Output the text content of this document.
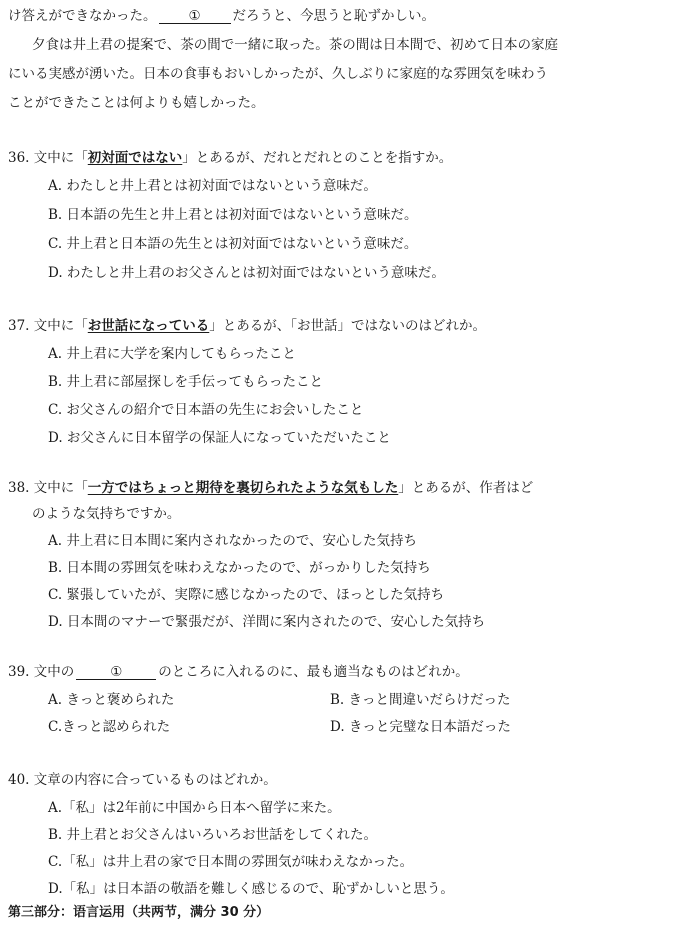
け答えができなかった。 ① だろうと、今思うと恥ずかしい。
夕食は井上君の提案で、茶の間で一緒に取った。茶の間は日本間で、初めて日本の家庭
にいる実感が湧いた。日本の食事もおいしかったが、久しぶりに家庭的な雰囲気を味わう
ことができたことは何よりも嬉しかった。
36. 文中に「初対面ではない」とあるが、だれとだれとのことを指すか。
A. わたしと井上君とは初対面ではないという意味だ。
B. 日本語の先生と井上君とは初対面ではないという意味だ。
C. 井上君と日本語の先生とは初対面ではないという意味だ。
D. わたしと井上君のお父さんとは初対面ではないという意味だ。
37. 文中に「お世話になっている」とあるが、「お世話」ではないのはどれか。
A. 井上君に大学を案内してもらったこと
B. 井上君に部屋探しを手伝ってもらったこと
C. お父さんの紹介で日本語の先生にお会いしたこと
D. お父さんに日本留学の保証人になっていただいたこと
38. 文中に「一方ではちょっと期待を裏切られたような気もした」とあるが、作者はど
のような気持ちですか。
A. 井上君に日本間に案内されなかったので、安心した気持ち
B. 日本間の雰囲気を味わえなかったので、がっかりした気持ち
C. 緊張していたが、実際に感じなかったので、ほっとした気持ち
D. 日本間のマナーで緊張だが、洋間に案内されたので、安心した気持ち
39. 文中の	①	のところに入れるのに、最も適当なものはどれか。
A. きっと褒められた	B. きっと間違いだらけだった
C.きっと認められた	D. きっと完璧な日本語だった
40. 文章の内容に合っているものはどれか。
A.「私」は2年前に中国から日本へ留学に来た。
B. 井上君とお父さんはいろいろお世話をしてくれた。
C.「私」は井上君の家で日本間の雰囲気が味わえなかった。
D.「私」は日本語の敬語を難しく感じるので、恥ずかしいと思う。
第三部分：语言运用（共两节，满分 30 分）
